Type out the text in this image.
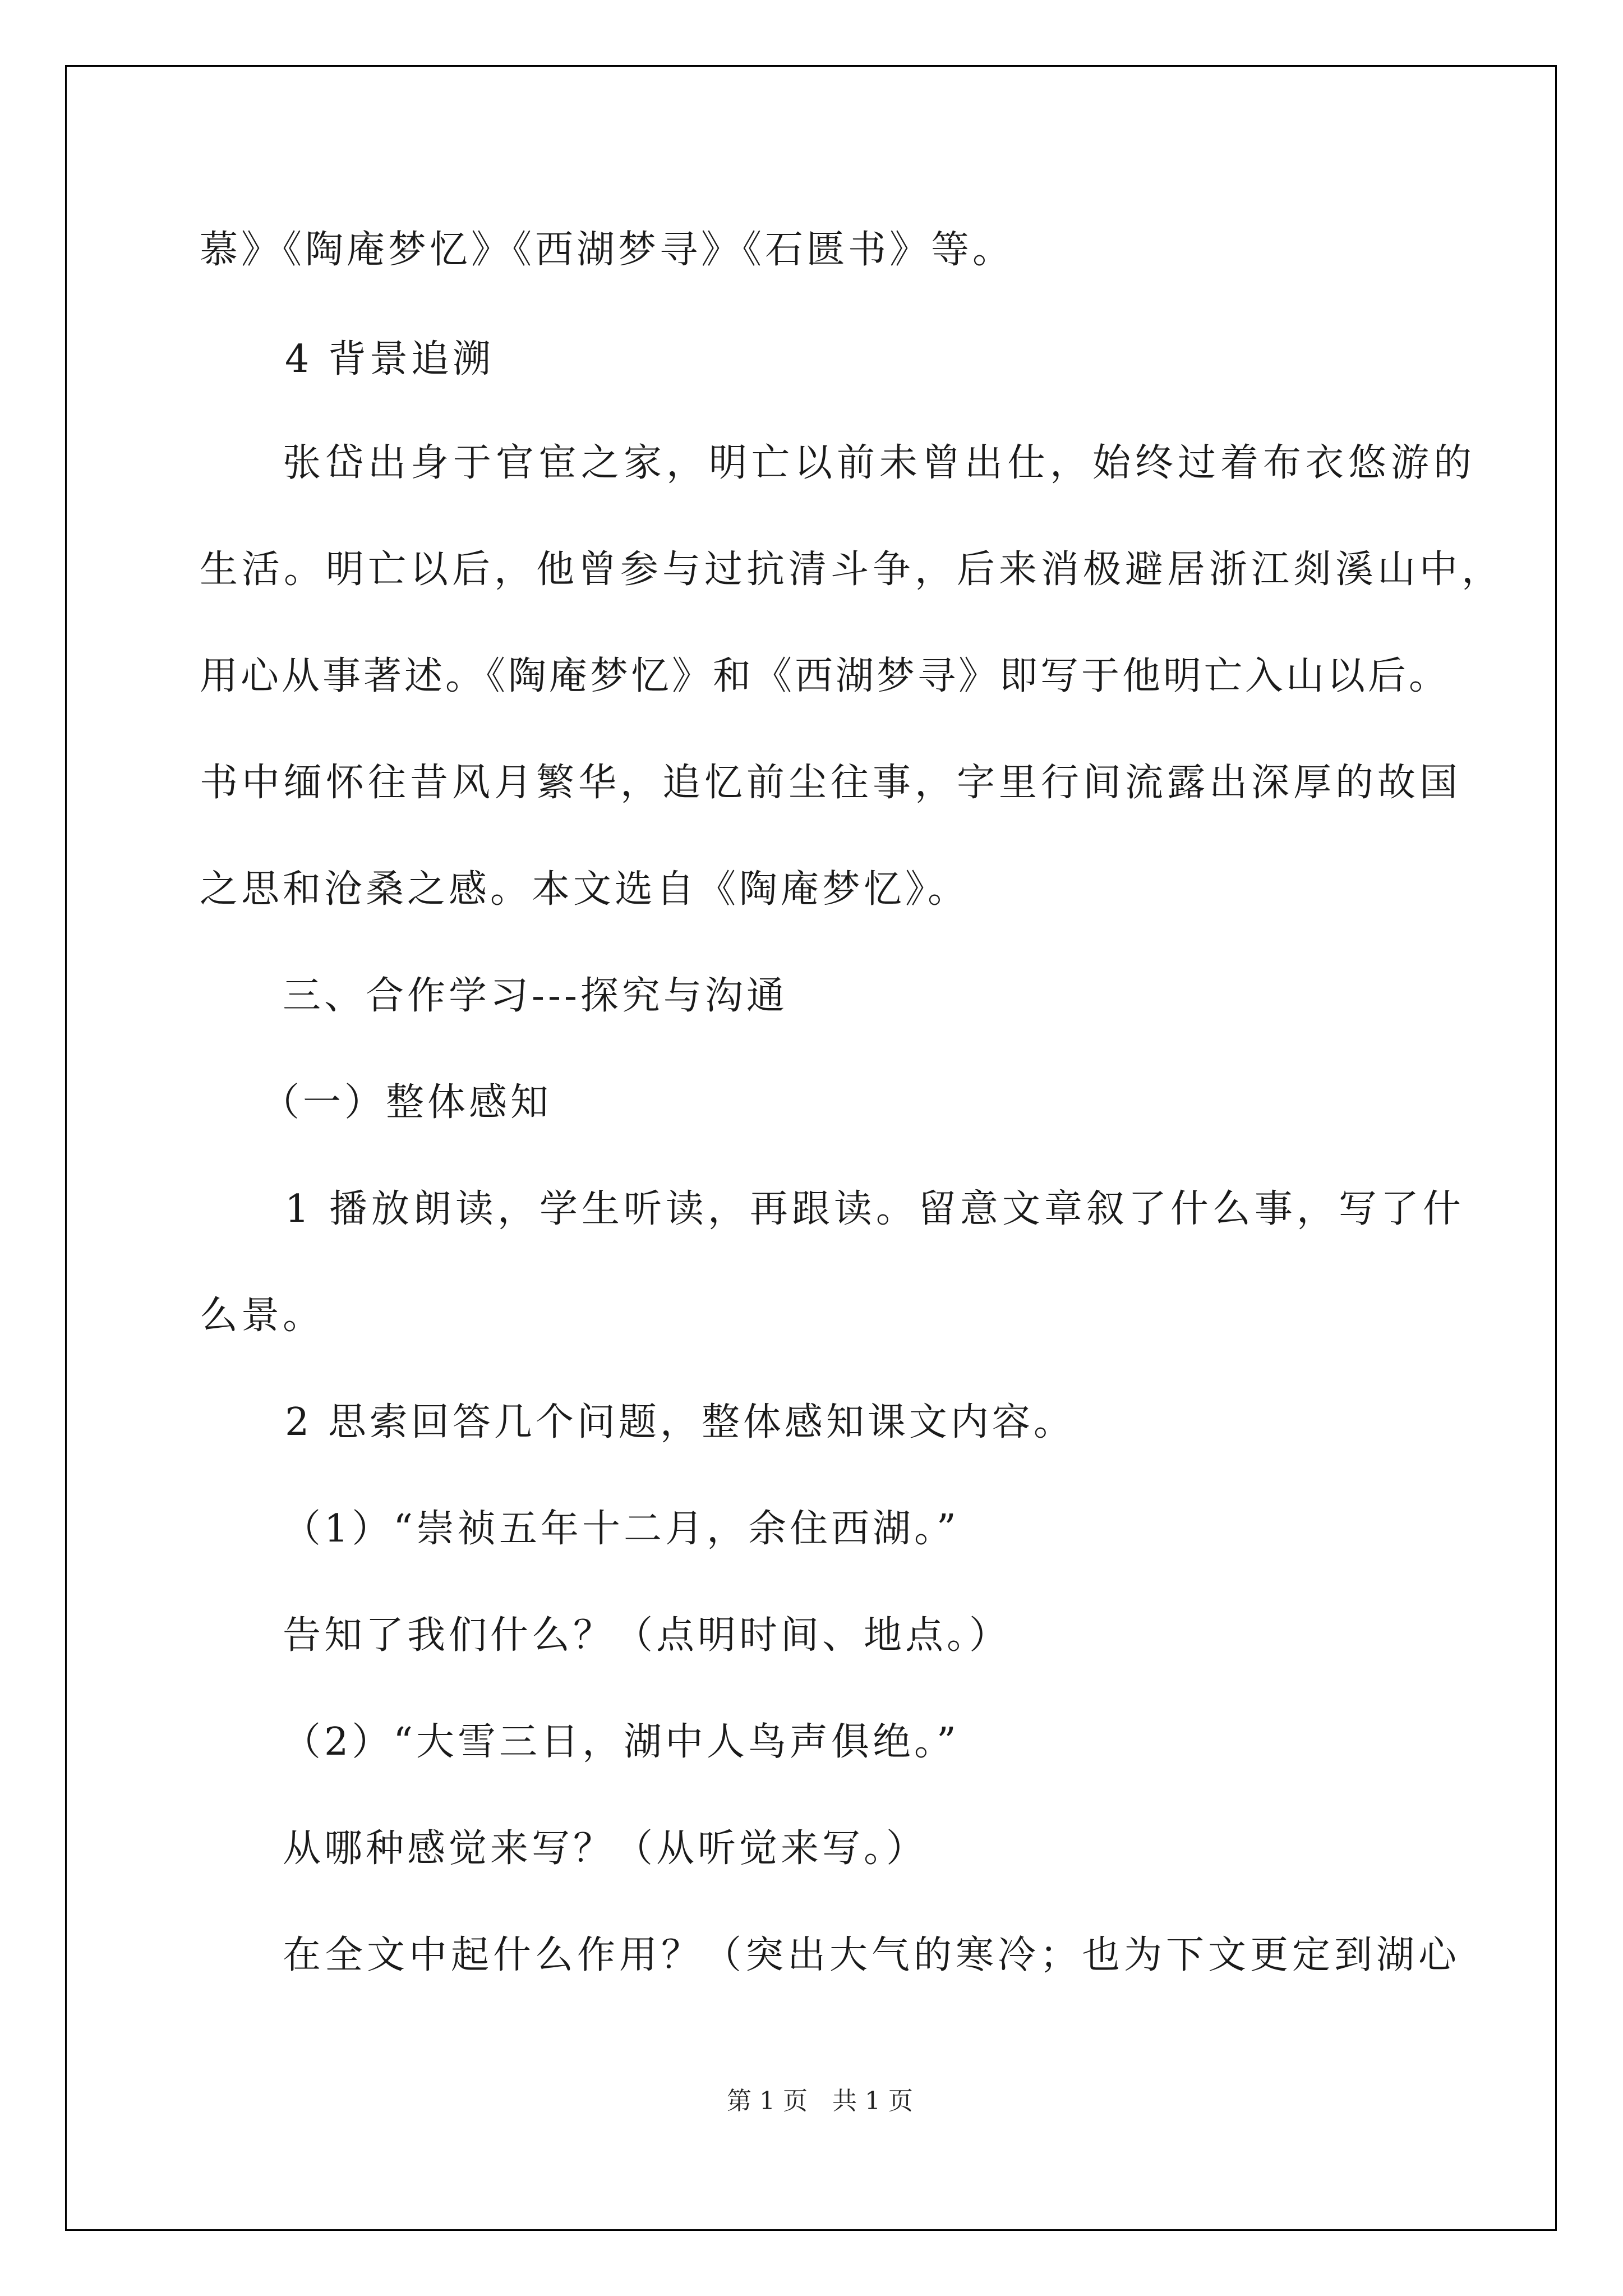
慕》《陶庵梦忆》《西湖梦寻》《石匮书》等。
4 背景追溯
张岱出身于官宦之家，明亡以前未曾出仕，始终过着布衣悠游的
生活。明亡以后，他曾参与过抗清斗争，后来消极避居浙江剡溪山中，
用心从事著述。《陶庵梦忆》和《西湖梦寻》即写于他明亡入山以后。
书中缅怀往昔风月繁华，追忆前尘往事，字里行间流露出深厚的故国
之思和沧桑之感。本文选自《陶庵梦忆》。
三、合作学习---探究与沟通
（一）整体感知
1 播放朗读，学生听读，再跟读。留意文章叙了什么事，写了什
么景。
2 思索回答几个问题，整体感知课文内容。
（1）“崇祯五年十二月，余住西湖。”
告知了我们什么？（点明时间、地点。）
（2）“大雪三日，湖中人鸟声俱绝。”
从哪种感觉来写？（从听觉来写。）
在全文中起什么作用？（突出大气的寒冷；也为下文更定到湖心
第 1 页　共 1 页
